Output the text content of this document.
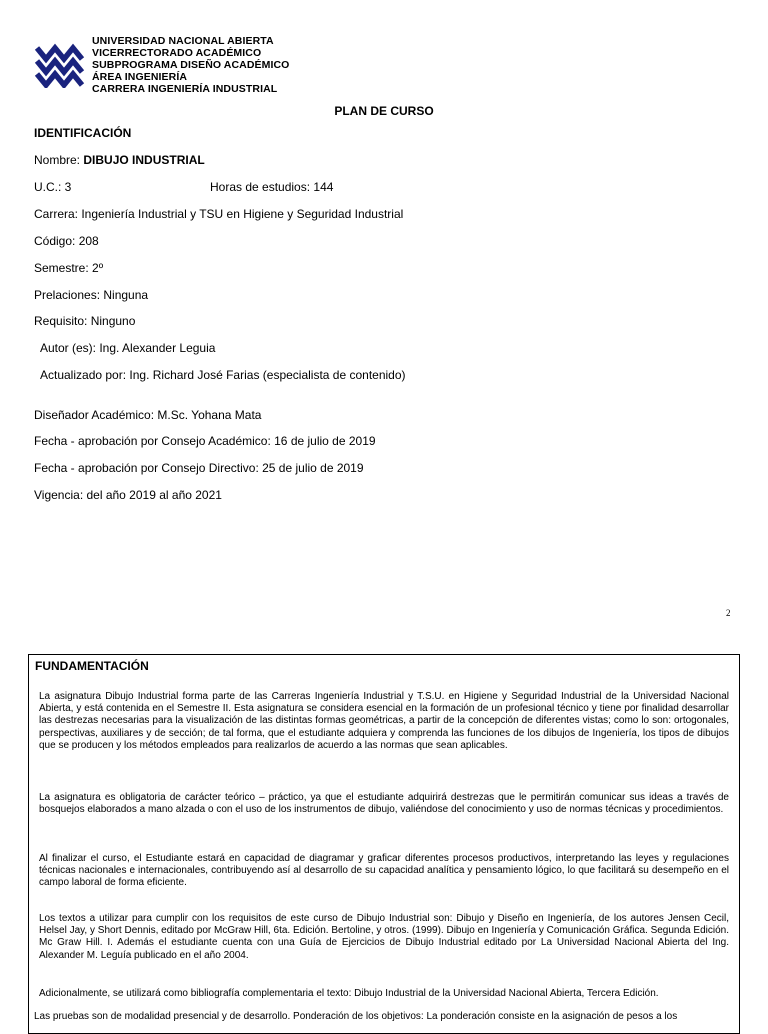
UNIVERSIDAD NACIONAL ABIERTA
VICERRECTORADO ACADÉMICO
SUBPROGRAMA DISEÑO ACADÉMICO
ÁREA INGENIERÍA
CARRERA INGENIERÍA INDUSTRIAL
PLAN DE CURSO
IDENTIFICACIÓN
Nombre: DIBUJO INDUSTRIAL
U.C.: 3	Horas de estudios: 144
Carrera: Ingeniería Industrial y TSU en Higiene y Seguridad Industrial
Código: 208
Semestre: 2º
Prelaciones: Ninguna
Requisito: Ninguno
Autor (es): Ing. Alexander Leguia
Actualizado por: Ing. Richard José Farias (especialista de contenido)
Diseñador Académico: M.Sc. Yohana Mata
Fecha - aprobación por Consejo Académico: 16 de julio de 2019
Fecha - aprobación por Consejo Directivo: 25 de julio de 2019
Vigencia: del año 2019 al año 2021
2
FUNDAMENTACIÓN
La asignatura Dibujo Industrial forma parte de las Carreras Ingeniería Industrial y T.S.U. en Higiene y Seguridad Industrial de la Universidad Nacional Abierta, y está contenida en el Semestre II. Esta asignatura se considera esencial en la formación de un profesional técnico y tiene por finalidad desarrollar las destrezas necesarias para la visualización de las distintas formas geométricas, a partir de la concepción de diferentes vistas; como lo son: ortogonales, perspectivas, auxiliares y de sección; de tal forma, que el estudiante adquiera y comprenda las funciones de los dibujos de Ingeniería, los tipos de dibujos que se producen y los métodos empleados para realizarlos de acuerdo a las normas que sean aplicables.
La asignatura es obligatoria de carácter teórico – práctico, ya que el estudiante adquirirá destrezas que le permitirán comunicar sus ideas a través de bosquejos elaborados a mano alzada o con el uso de los instrumentos de dibujo, valiéndose del conocimiento y uso de normas técnicas y procedimientos.
Al finalizar el curso, el Estudiante estará en capacidad de diagramar y graficar diferentes procesos productivos, interpretando las leyes y regulaciones técnicas nacionales e internacionales, contribuyendo así al desarrollo de su capacidad analítica y pensamiento lógico, lo que facilitará su desempeño en el campo laboral de forma eficiente.
Los textos a utilizar para cumplir con los requisitos de este curso de Dibujo Industrial son: Dibujo y Diseño en Ingeniería, de los autores Jensen Cecil, Helsel Jay, y Short Dennis, editado por McGraw Hill, 6ta. Edición. Bertoline, y otros. (1999). Dibujo en Ingeniería y Comunicación Gráfica. Segunda Edición. Mc Graw Hill. I. Además el estudiante cuenta con una Guía de Ejercicios de Dibujo Industrial editado por La Universidad Nacional Abierta del Ing. Alexander M. Leguía publicado en el año 2004.
Adicionalmente, se utilizará como bibliografía complementaria el texto: Dibujo Industrial de la Universidad Nacional Abierta, Tercera Edición.
Las pruebas son de modalidad presencial y de desarrollo. Ponderación de los objetivos: La ponderación consiste en la asignación de pesos a los
